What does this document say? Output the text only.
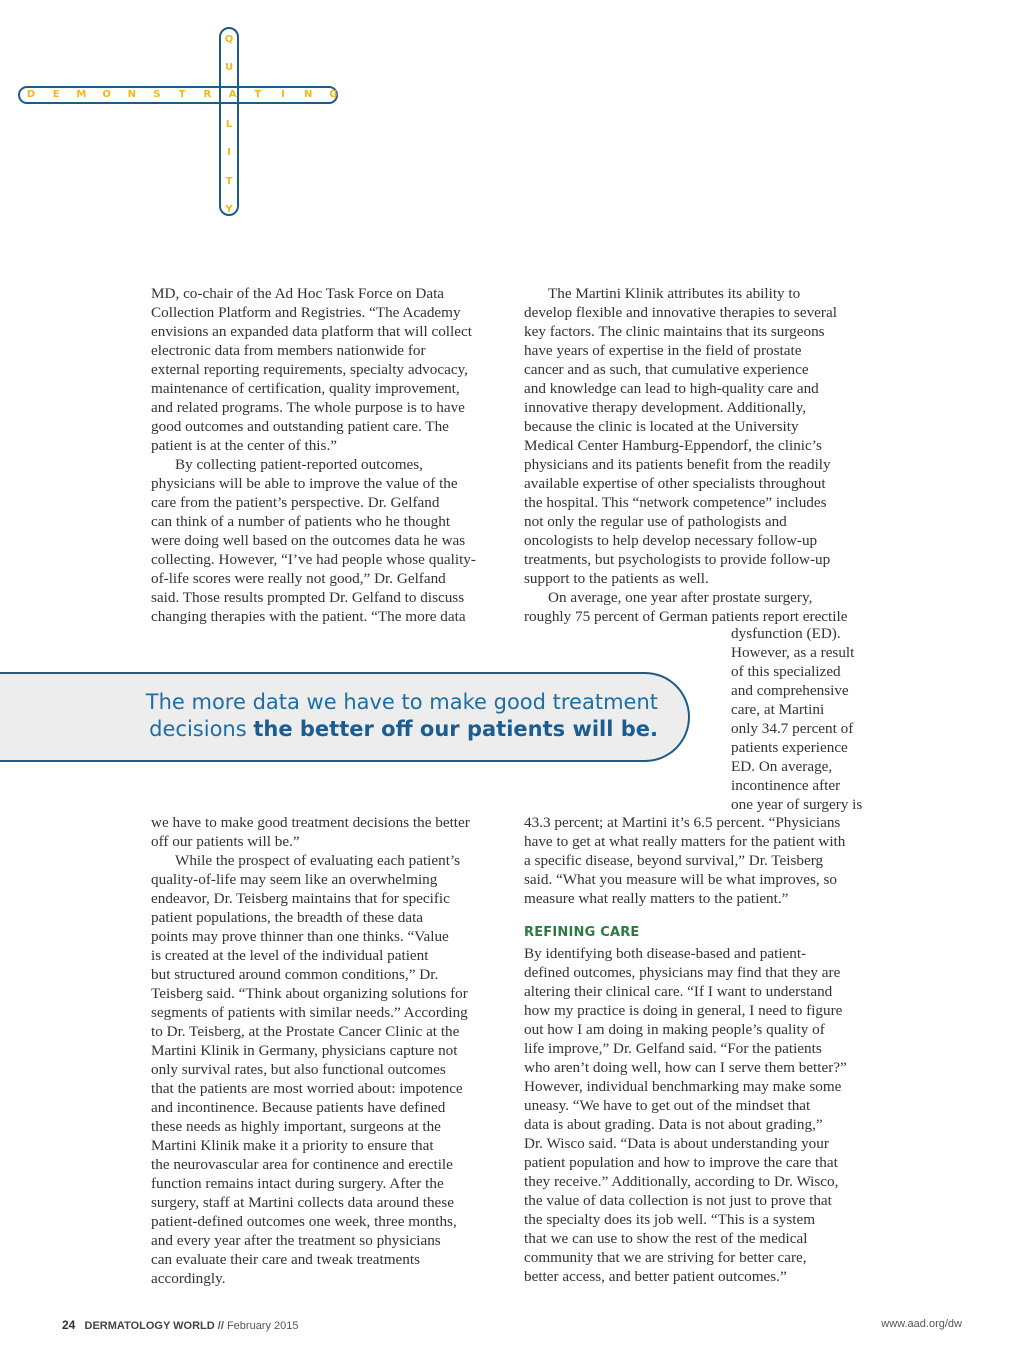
D E M O N S T R A T	I	N G
Q
U
L
I
T
Y
MD, co-chair of the Ad Hoc Task Force on Data
Collection Platform and Registries. “The Academy
envisions an expanded data platform that will collect
electronic data from members nationwide for
external reporting requirements, specialty advocacy,
maintenance of certification, quality improvement,
and related programs. The whole purpose is to have
good outcomes and outstanding patient care. The
patient is at the center of this.”
By collecting patient-reported outcomes,
physicians will be able to improve the value of the
care from the patient’s perspective. Dr. Gelfand
can think of a number of patients who he thought
were doing well based on the outcomes data he was
collecting. However, “I’ve had people whose quality-
of-life scores were really not good,” Dr. Gelfand
said. Those results prompted Dr. Gelfand to discuss
changing therapies with the patient. “The more data
The more data we have to make good treatment
decisions the better off our patients will be.
we have to make good treatment decisions the better
off our patients will be.”
While the prospect of evaluating each patient’s
quality-of-life may seem like an overwhelming
endeavor, Dr. Teisberg maintains that for specific
patient populations, the breadth of these data
points may prove thinner than one thinks. “Value
is created at the level of the individual patient
but structured around common conditions,” Dr.
Teisberg said. “Think about organizing solutions for
segments of patients with similar needs.” According
to Dr. Teisberg, at the Prostate Cancer Clinic at the
Martini Klinik in Germany, physicians capture not
only survival rates, but also functional outcomes
that the patients are most worried about: impotence
and incontinence. Because patients have defined
these needs as highly important, surgeons at the
Martini Klinik make it a priority to ensure that
the neurovascular area for continence and erectile
function remains intact during surgery. After the
surgery, staff at Martini collects data around these
patient-defined outcomes one week, three months,
and every year after the treatment so physicians
can evaluate their care and tweak treatments
accordingly.
The Martini Klinik attributes its ability to
develop flexible and innovative therapies to several
key factors. The clinic maintains that its surgeons
have years of expertise in the field of prostate
cancer and as such, that cumulative experience
and knowledge can lead to high-quality care and
innovative therapy development. Additionally,
because the clinic is located at the University
Medical Center Hamburg-Eppendorf, the clinic’s
physicians and its patients benefit from the readily
available expertise of other specialists throughout
the hospital. This “network competence” includes
not only the regular use of pathologists and
oncologists to help develop necessary follow-up
treatments, but psychologists to provide follow-up
support to the patients as well.
On average, one year after prostate surgery,
roughly 75 percent of German patients report erectile
dysfunction (ED).
However, as a result
of this specialized
and comprehensive
care, at Martini
only 34.7 percent of
patients experience
ED. On average,
incontinence after
one year of surgery is
43.3 percent; at Martini it’s 6.5 percent. “Physicians
have to get at what really matters for the patient with
a specific disease, beyond survival,” Dr. Teisberg
said. “What you measure will be what improves, so
measure what really matters to the patient.”
REFINING CARE
By identifying both disease-based and patient-
defined outcomes, physicians may find that they are
altering their clinical care. “If I want to understand
how my practice is doing in general, I need to figure
out how I am doing in making people’s quality of
life improve,” Dr. Gelfand said. “For the patients
who aren’t doing well, how can I serve them better?”
However, individual benchmarking may make some
uneasy. “We have to get out of the mindset that
data is about grading. Data is not about grading,”
Dr. Wisco said. “Data is about understanding your
patient population and how to improve the care that
they receive.” Additionally, according to Dr. Wisco,
the value of data collection is not just to prove that
the specialty does its job well. “This is a system
that we can use to show the rest of the medical
community that we are striving for better care,
better access, and better patient outcomes.”
24 DERMATOLOGY WORLD // February 2015	www.aad.org/dw
